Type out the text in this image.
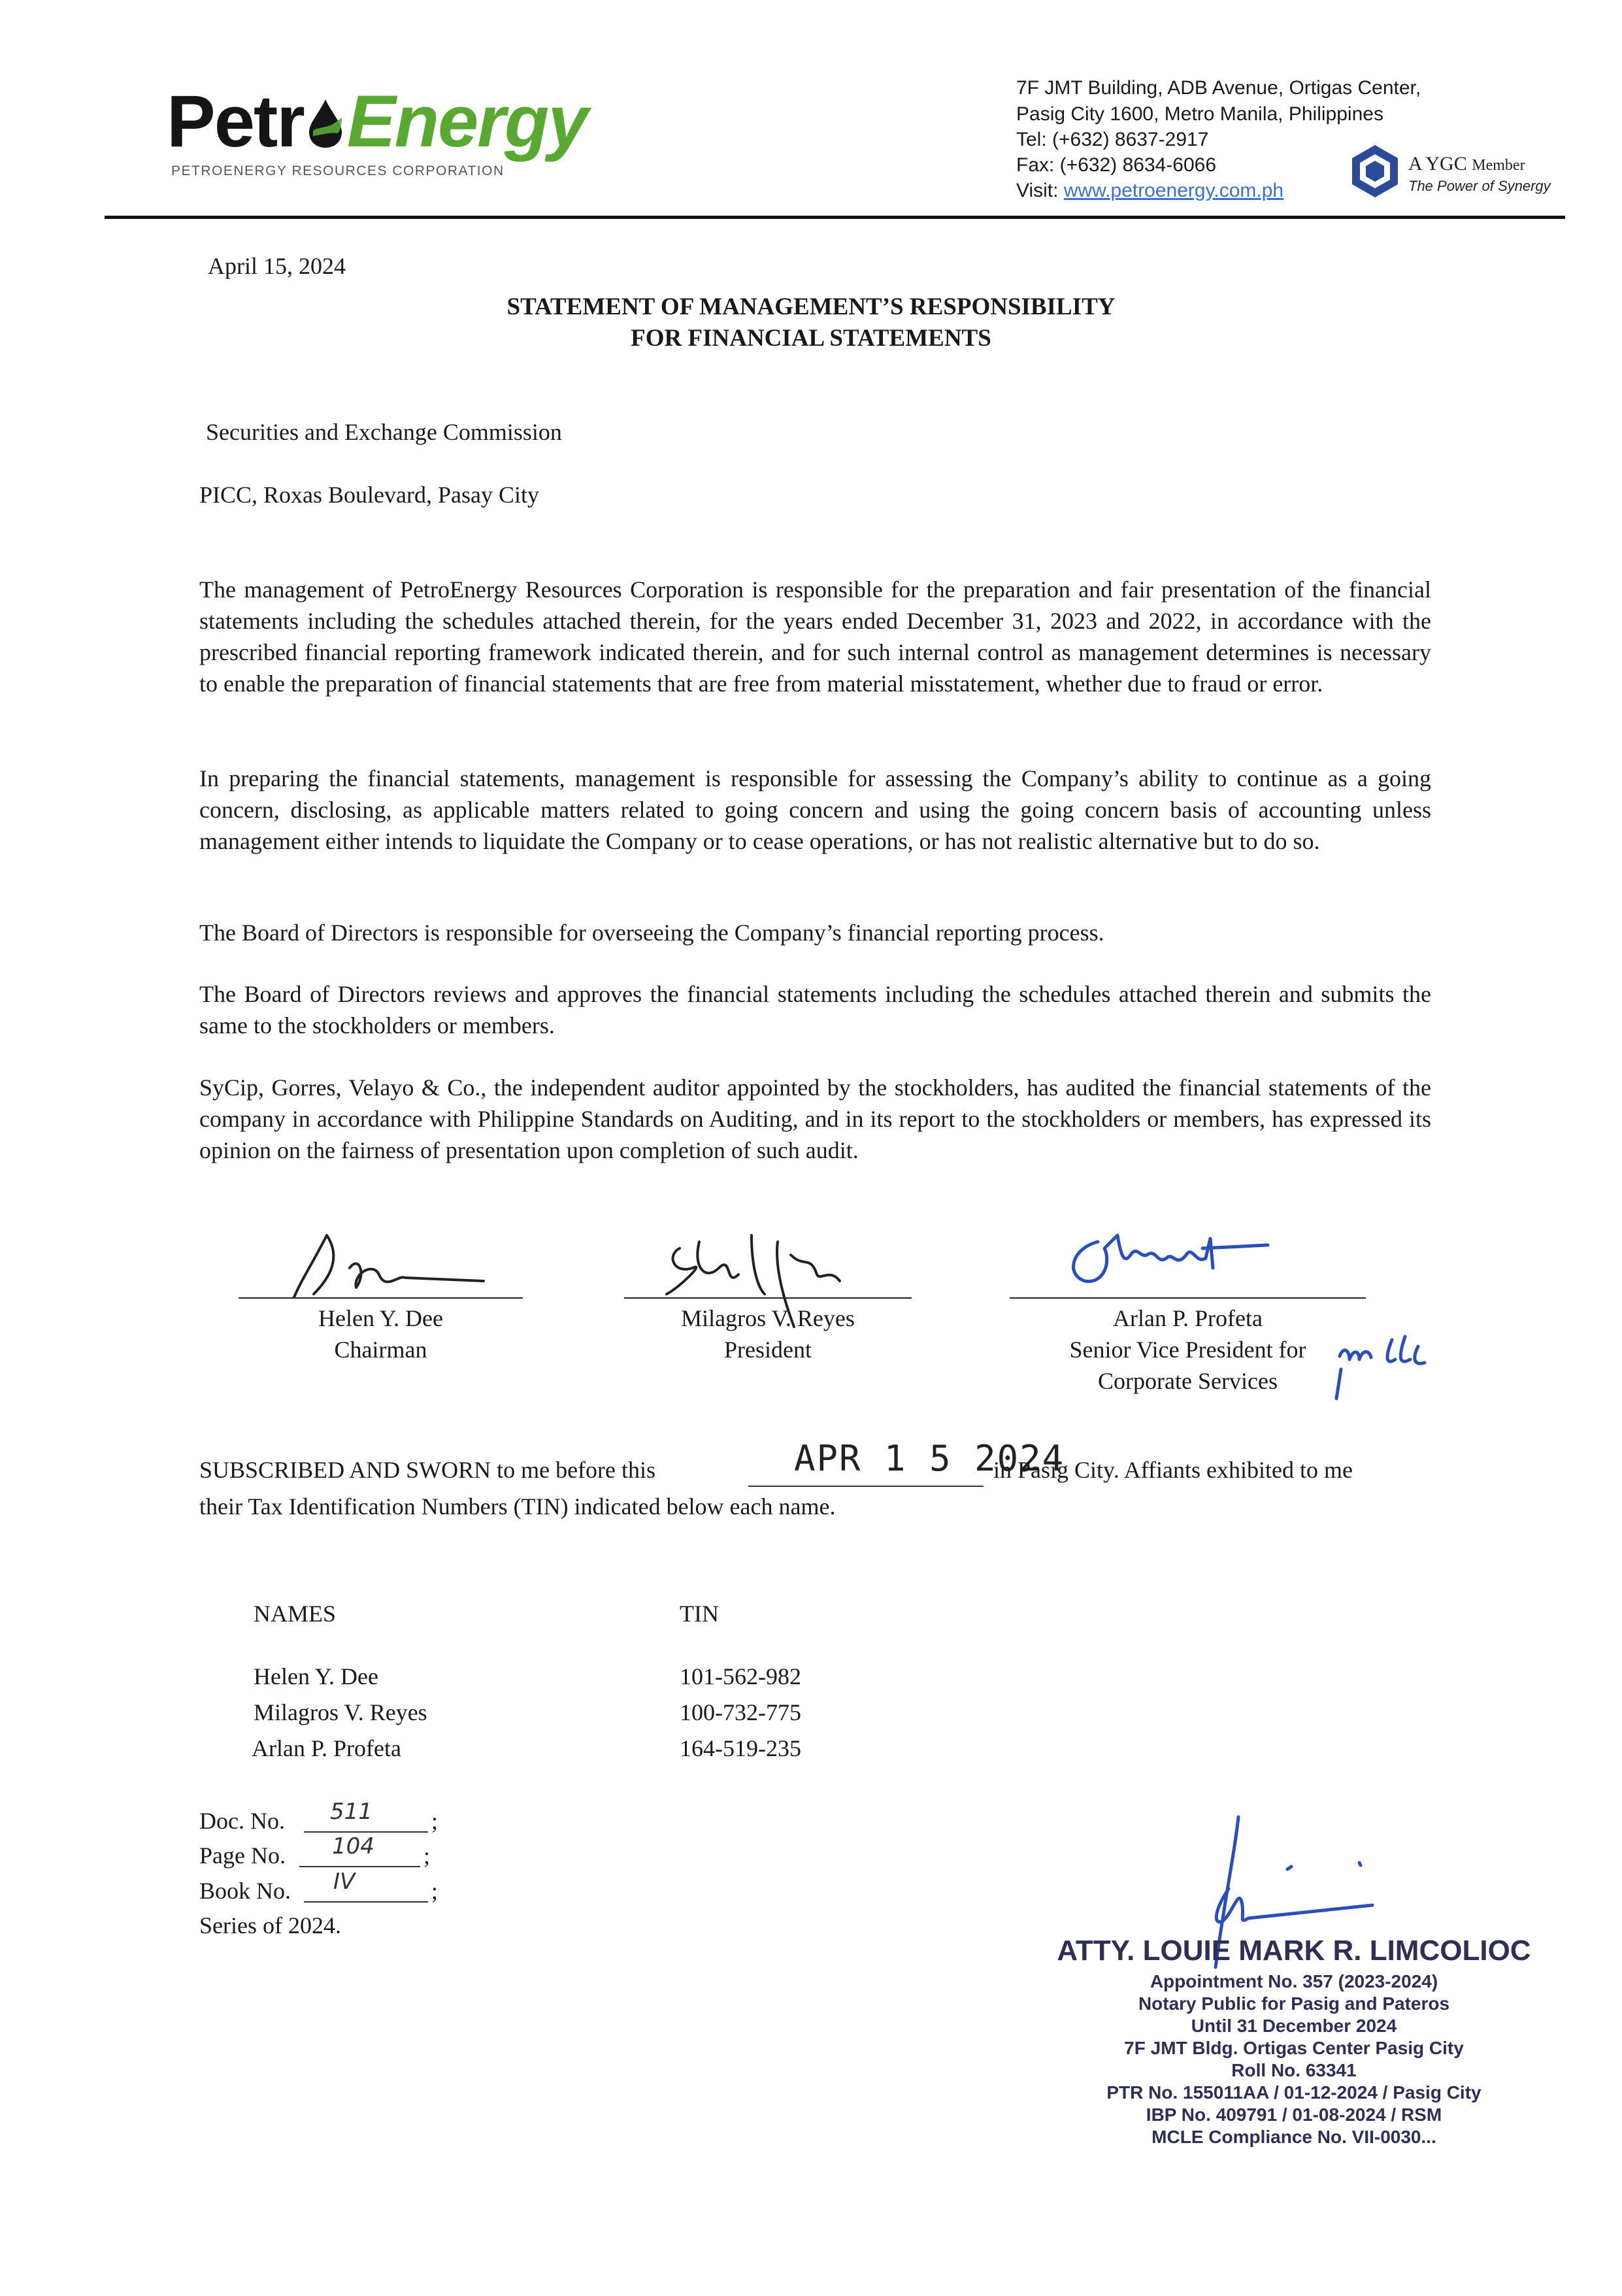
Petr Energy
PETROENERGY RESOURCES CORPORATION
7F JMT Building, ADB Avenue, Ortigas Center,
Pasig City 1600, Metro Manila, Philippines
Tel: (+632) 8637-2917
Fax: (+632) 8634-6066
Visit: www.petroenergy.com.ph
A YGC Member
The Power of Synergy
April 15, 2024
STATEMENT OF MANAGEMENT’S RESPONSIBILITY
FOR FINANCIAL STATEMENTS
Securities and Exchange Commission
PICC, Roxas Boulevard, Pasay City
The management of PetroEnergy Resources Corporation is responsible for the preparation and fair presentation of the financial statements including the schedules attached therein, for the years ended December 31, 2023 and 2022, in accordance with the prescribed financial reporting framework indicated therein, and for such internal control as management determines is necessary to enable the preparation of financial statements that are free from material misstatement, whether due to fraud or error.
In preparing the financial statements, management is responsible for assessing the Company’s ability to continue as a going concern, disclosing, as applicable matters related to going concern and using the going concern basis of accounting unless management either intends to liquidate the Company or to cease operations, or has not realistic alternative but to do so.
The Board of Directors is responsible for overseeing the Company’s financial reporting process.
The Board of Directors reviews and approves the financial statements including the schedules attached therein and submits the same to the stockholders or members.
SyCip, Gorres, Velayo & Co., the independent auditor appointed by the stockholders, has audited the financial statements of the company in accordance with Philippine Standards on Auditing, and in its report to the stockholders or members, has expressed its opinion on the fairness of presentation upon completion of such audit.
Helen Y. Dee
Chairman
Milagros V. Reyes
President
Arlan P. Profeta
Senior Vice President for
Corporate Services
SUBSCRIBED AND SWORN to me before this	APR 1 5 2024
in Pasig City. Affiants exhibited to me
their Tax Identification Numbers (TIN) indicated below each name.
NAMES	TIN
Helen Y. Dee	101-562-982
Milagros V. Reyes	100-732-775
Arlan P. Profeta	164-519-235
Doc. No. 511	;
Page No. 104 ;
Book No. IV	;
Series of 2024.
ATTY. LOUIE MARK R. LIMCOLIOC
Appointment No. 357 (2023-2024)
Notary Public for Pasig and Pateros
Until 31 December 2024
7F JMT Bldg. Ortigas Center Pasig City
Roll No. 63341
PTR No. 155011AA / 01-12-2024 / Pasig City
IBP No. 409791 / 01-08-2024 / RSM
MCLE Compliance No. VII-0030...
